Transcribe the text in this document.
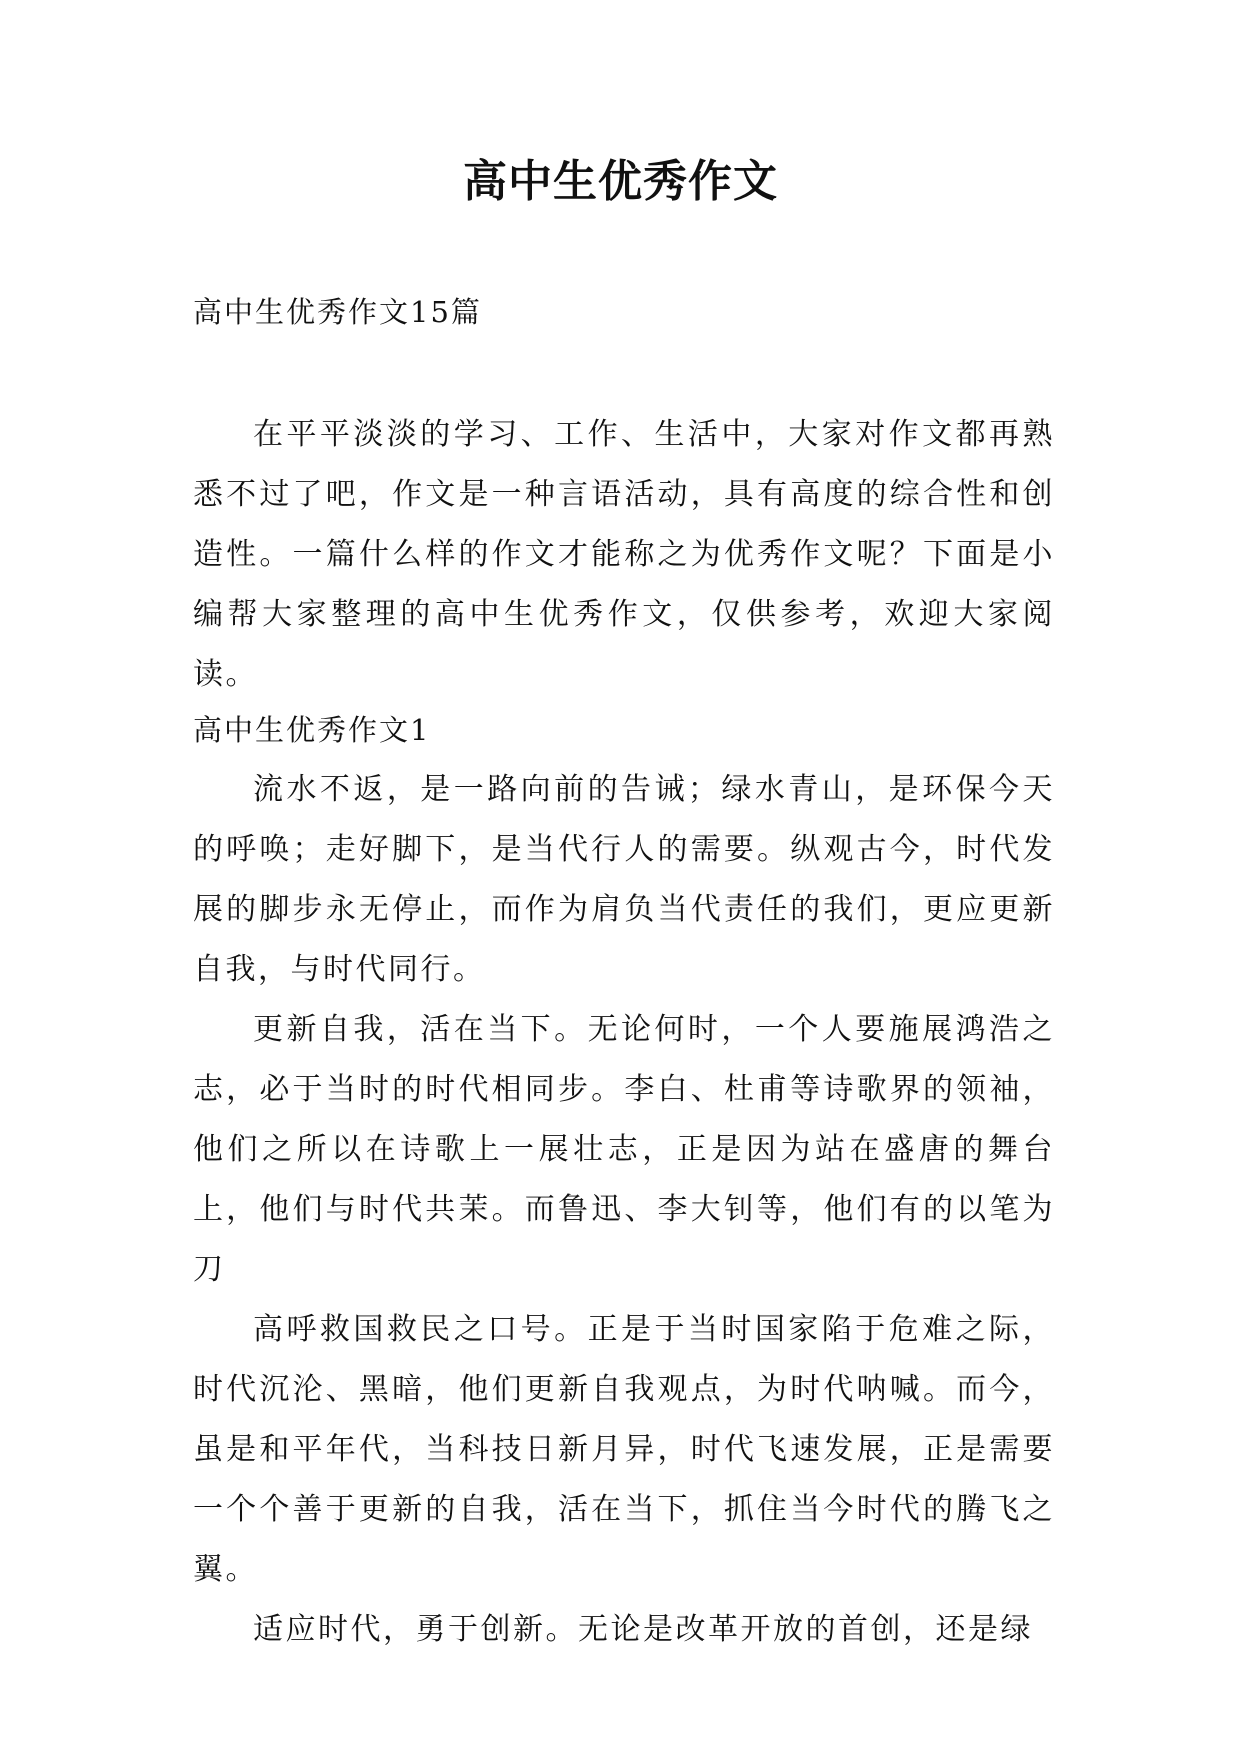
高中生优秀作文
高中生优秀作文15篇

在平平淡淡的学习、工作、生活中，大家对作文都再熟悉不过了吧，作文是一种言语活动，具有高度的综合性和创造性。一篇什么样的作文才能称之为优秀作文呢？下面是小编帮大家整理的高中生优秀作文，仅供参考，欢迎大家阅读。

高中生优秀作文1

流水不返，是一路向前的告诫；绿水青山，是环保今天的呼唤；走好脚下，是当代行人的需要。纵观古今，时代发展的脚步永无停止，而作为肩负当代责任的我们，更应更新自我，与时代同行。

更新自我，活在当下。无论何时，一个人要施展鸿浩之志，必于当时的时代相同步。李白、杜甫等诗歌界的领袖，他们之所以在诗歌上一展壮志，正是因为站在盛唐的舞台上，他们与时代共茉。而鲁迅、李大钊等，他们有的以笔为刀

高呼救国救民之口号。正是于当时国家陷于危难之际，时代沉沦、黑暗，他们更新自我观点，为时代呐喊。而今，虽是和平年代，当科技日新月异，时代飞速发展，正是需要一个个善于更新的自我，活在当下，抓住当今时代的腾飞之翼。

适应时代，勇于创新。无论是改革开放的首创，还是绿
